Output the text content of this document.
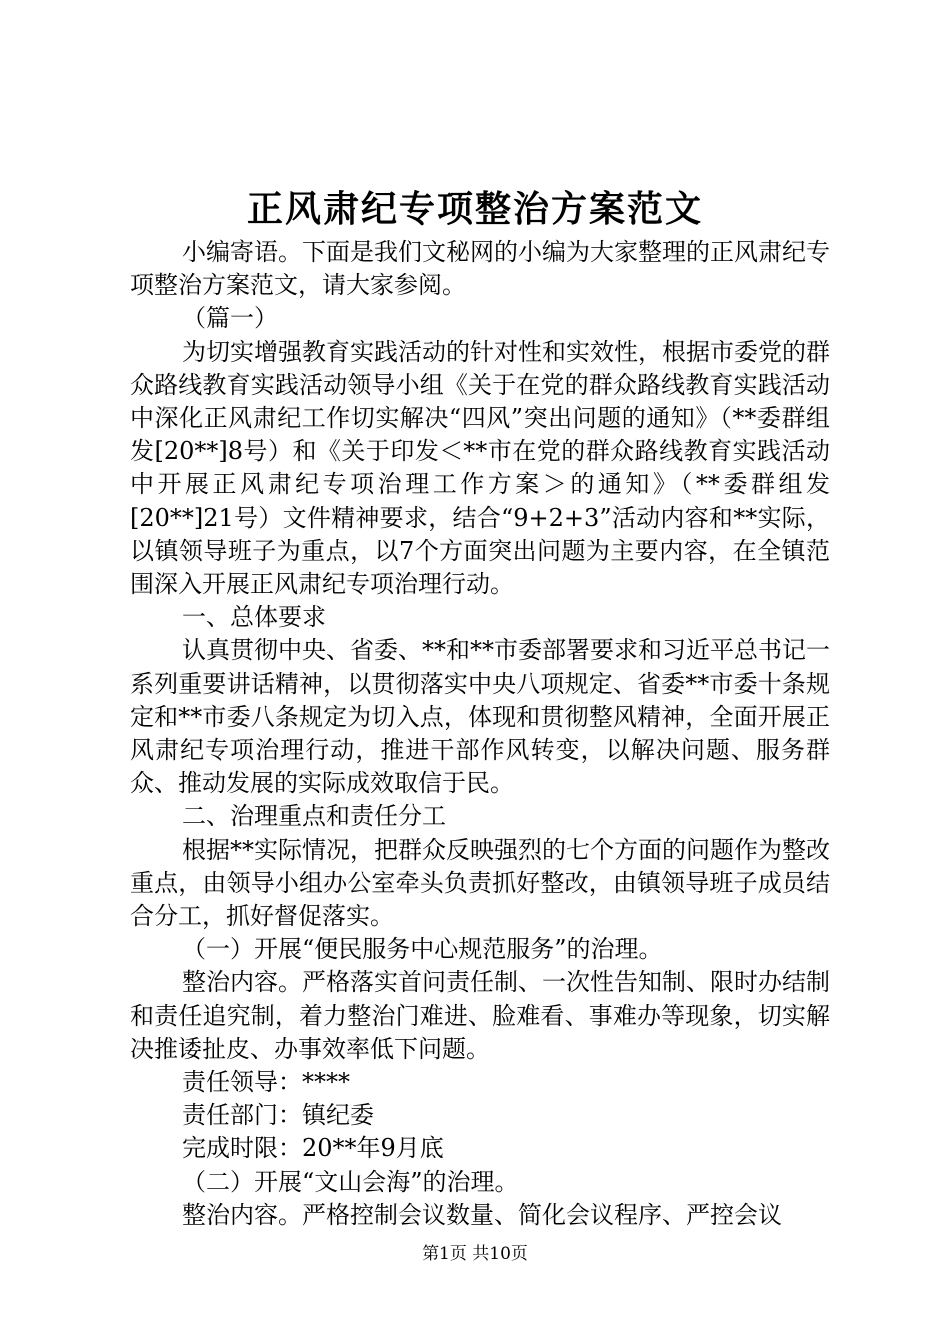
正风肃纪专项整治方案范文

小编寄语。下面是我们文秘网的小编为大家整理的正风肃纪专项整治方案范文，请大家参阅。

（篇一）

为切实增强教育实践活动的针对性和实效性，根据市委党的群众路线教育实践活动领导小组《关于在党的群众路线教育实践活动中深化正风肃纪工作切实解决“四风”突出问题的通知》（**委群组发[20**]8号）和《关于印发＜**市在党的群众路线教育实践活动中开展正风肃纪专项治理工作方案＞的通知》（**委群组发[20**]21号）文件精神要求，结合“9+2+3”活动内容和**实际，以镇领导班子为重点，以7个方面突出问题为主要内容，在全镇范围深入开展正风肃纪专项治理行动。

一、总体要求

认真贯彻中央、省委、**和**市委部署要求和习近平总书记一系列重要讲话精神，以贯彻落实中央八项规定、省委**市委十条规定和**市委八条规定为切入点，体现和贯彻整风精神，全面开展正风肃纪专项治理行动，推进干部作风转变，以解决问题、服务群众、推动发展的实际成效取信于民。

二、治理重点和责任分工

根据**实际情况，把群众反映强烈的七个方面的问题作为整改重点，由领导小组办公室牵头负责抓好整改，由镇领导班子成员结合分工，抓好督促落实。

（一）开展“便民服务中心规范服务”的治理。

整治内容。严格落实首问责任制、一次性告知制、限时办结制和责任追究制，着力整治门难进、脸难看、事难办等现象，切实解决推诿扯皮、办事效率低下问题。

责任领导：****

责任部门：镇纪委

完成时限：20**年9月底

（二）开展“文山会海”的治理。

整治内容。严格控制会议数量、简化会议程序、严控会议

第1页 共10页
